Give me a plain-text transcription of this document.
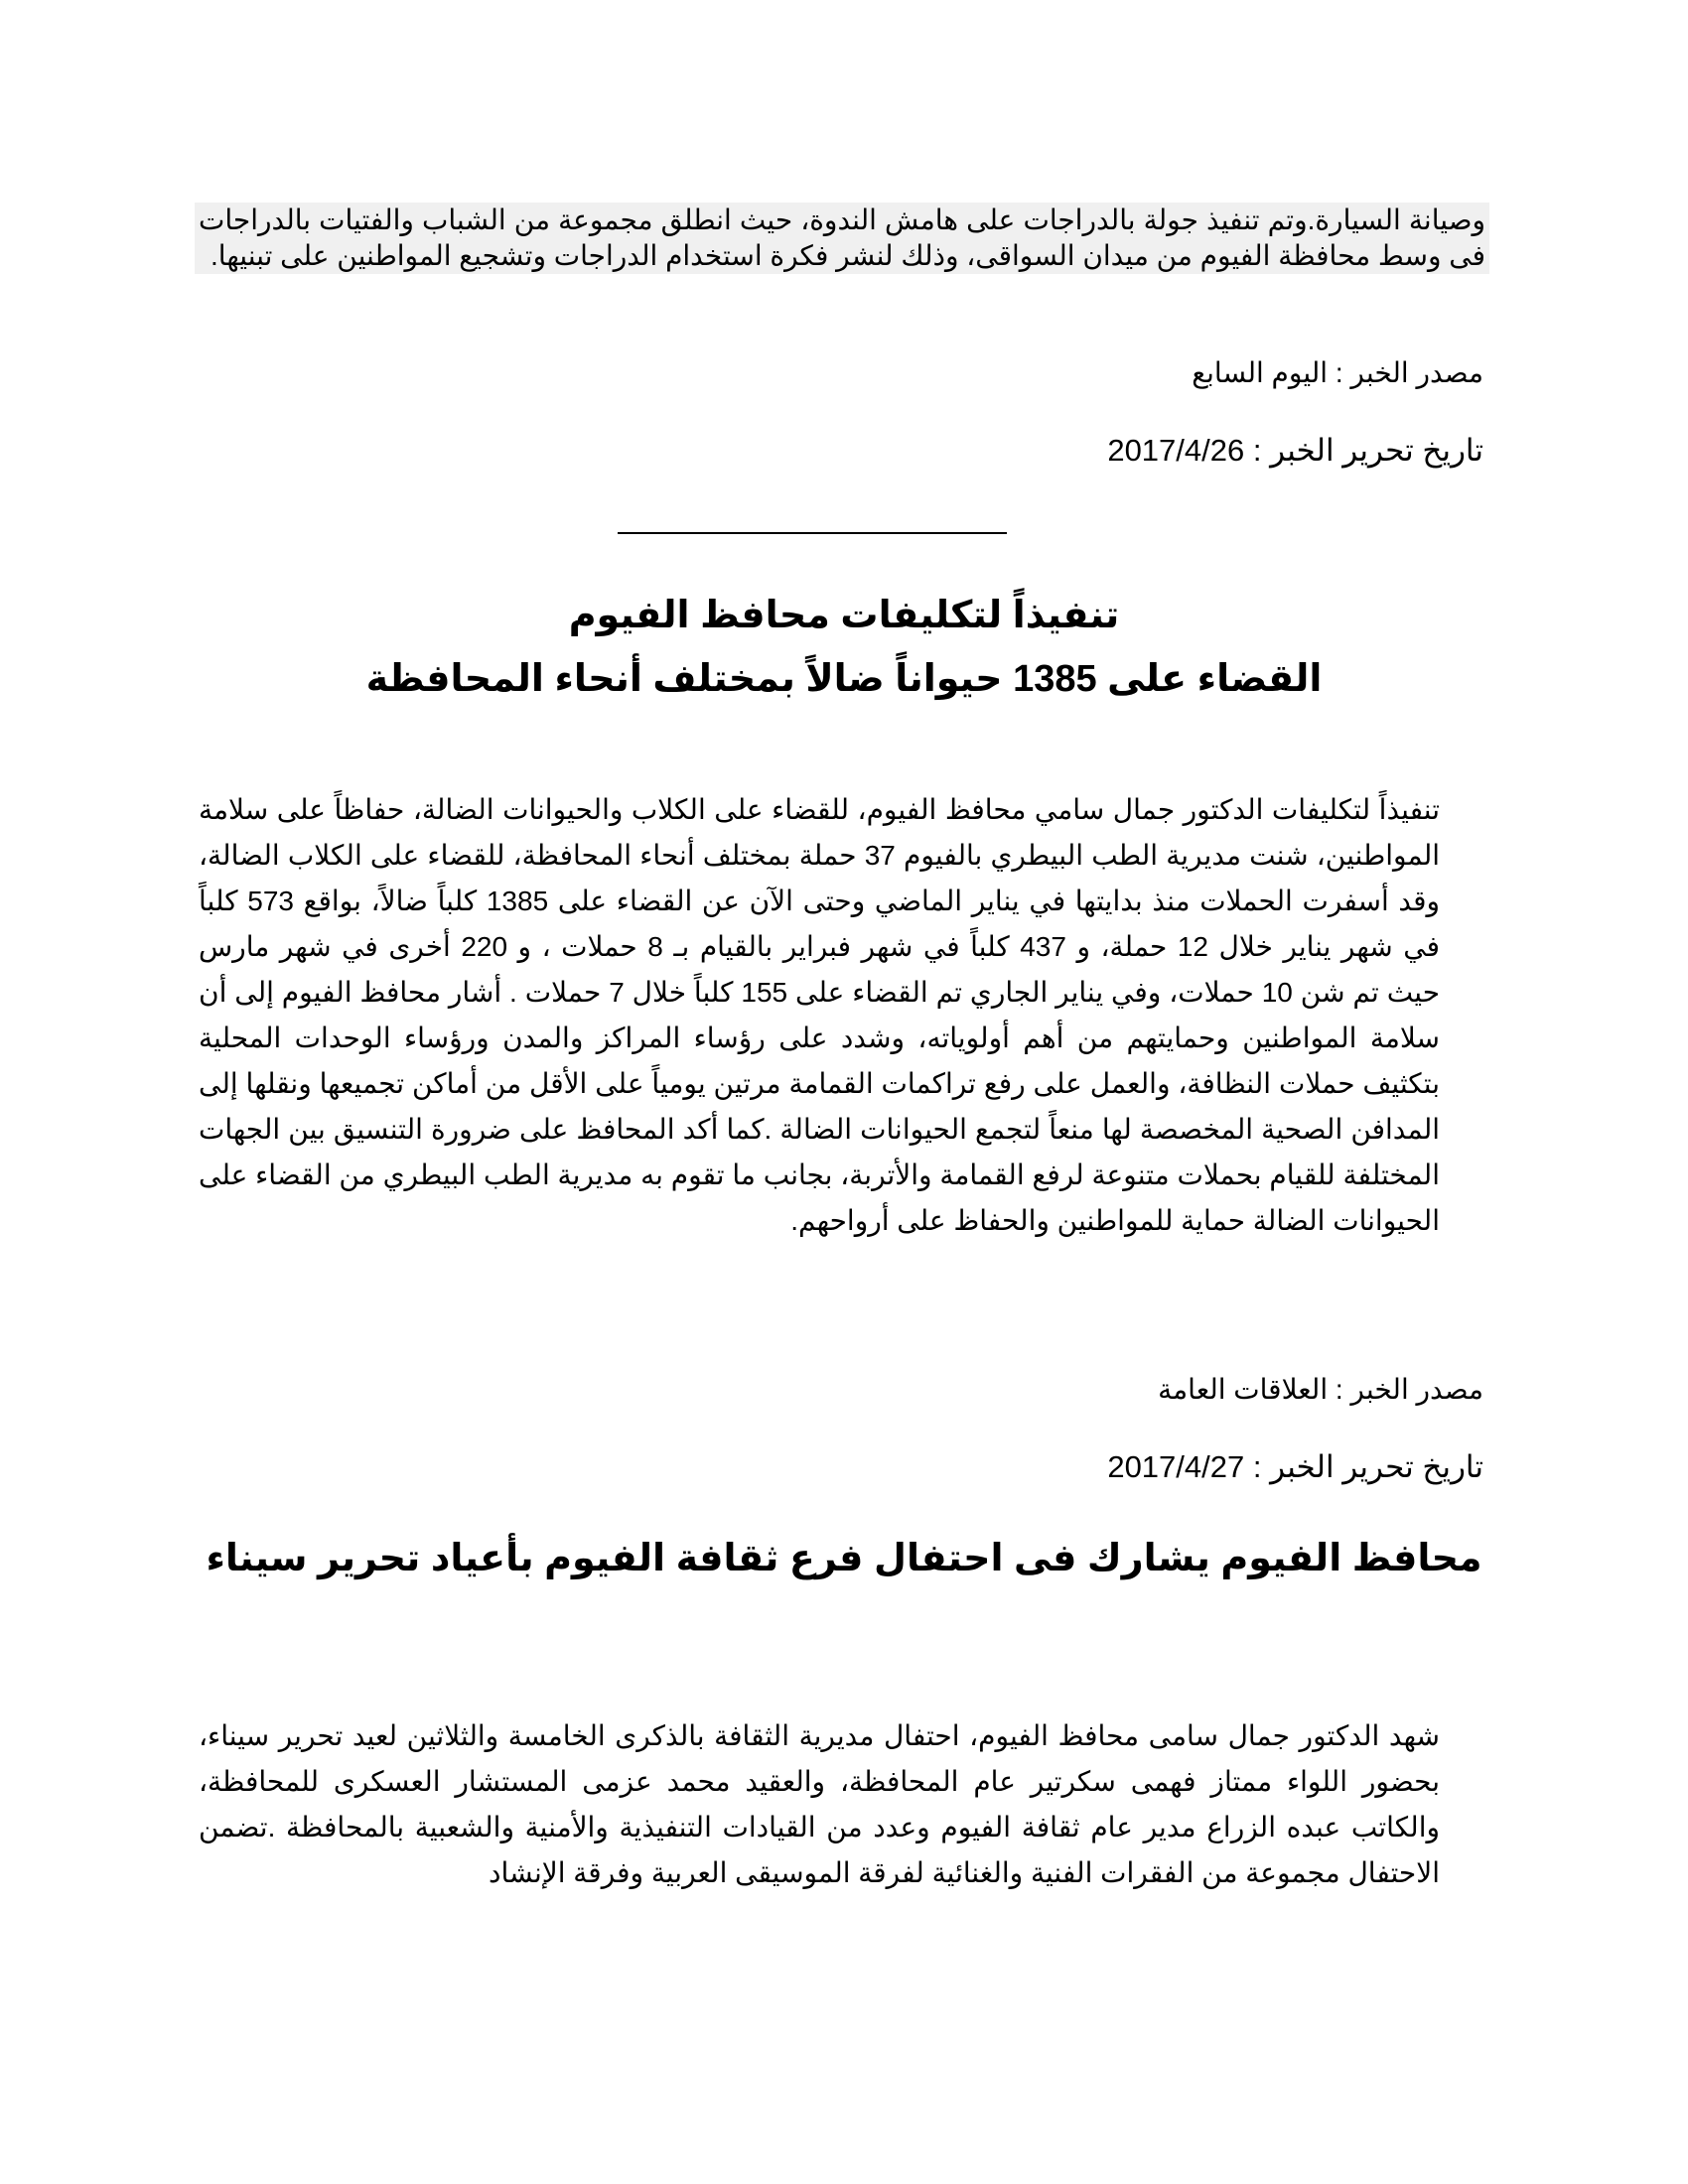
وصيانة السيارة.وتم تنفيذ جولة بالدراجات على هامش الندوة، حيث انطلق مجموعة من الشباب والفتيات بالدراجات فى وسط محافظة الفيوم من ميدان السواقى، وذلك لنشر فكرة استخدام الدراجات وتشجيع المواطنين على تبنيها.

مصدر الخبر : اليوم السابع

تاريخ تحرير الخبر : 2017/4/26

تنفيذاً لتكليفات محافظ الفيوم
القضاء على 1385 حيواناً ضالاً بمختلف أنحاء المحافظة

تنفيذاً لتكليفات الدكتور جمال سامي محافظ الفيوم، للقضاء على الكلاب والحيوانات الضالة، حفاظاً على سلامة المواطنين، شنت مديرية الطب البيطري بالفيوم 37 حملة بمختلف أنحاء المحافظة، للقضاء على الكلاب الضالة، وقد أسفرت الحملات منذ بدايتها في يناير الماضي وحتى الآن عن القضاء على 1385 كلباً ضالاً، بواقع 573 كلباً في شهر يناير خلال 12 حملة، و 437 كلباً في شهر فبراير بالقيام بـ 8 حملات ، و 220 أخرى في شهر مارس حيث تم شن 10 حملات، وفي يناير الجاري تم القضاء على 155 كلباً خلال 7 حملات . أشار محافظ الفيوم إلى أن سلامة المواطنين وحمايتهم من أهم أولوياته، وشدد على رؤساء المراكز والمدن ورؤساء الوحدات المحلية بتكثيف حملات النظافة، والعمل على رفع تراكمات القمامة مرتين يومياً على الأقل من أماكن تجميعها ونقلها إلى المدافن الصحية المخصصة لها منعاً لتجمع الحيوانات الضالة .كما أكد المحافظ على ضرورة التنسيق بين الجهات المختلفة للقيام بحملات متنوعة لرفع القمامة والأتربة، بجانب ما تقوم به مديرية الطب البيطري من القضاء على الحيوانات الضالة حماية للمواطنين والحفاظ على أرواحهم.

مصدر الخبر : العلاقات العامة

تاريخ تحرير الخبر : 2017/4/27

محافظ الفيوم يشارك فى احتفال فرع ثقافة الفيوم بأعياد تحرير سيناء

شهد الدكتور جمال سامى محافظ الفيوم، احتفال مديرية الثقافة بالذكرى الخامسة والثلاثين لعيد تحرير سيناء، بحضور اللواء ممتاز فهمى سكرتير عام المحافظة، والعقيد محمد عزمى المستشار العسكرى للمحافظة، والكاتب عبده الزراع مدير عام ثقافة الفيوم وعدد من القيادات التنفيذية والأمنية والشعبية بالمحافظة .تضمن الاحتفال مجموعة من الفقرات الفنية والغنائية لفرقة الموسيقى العربية وفرقة الإنشاد
